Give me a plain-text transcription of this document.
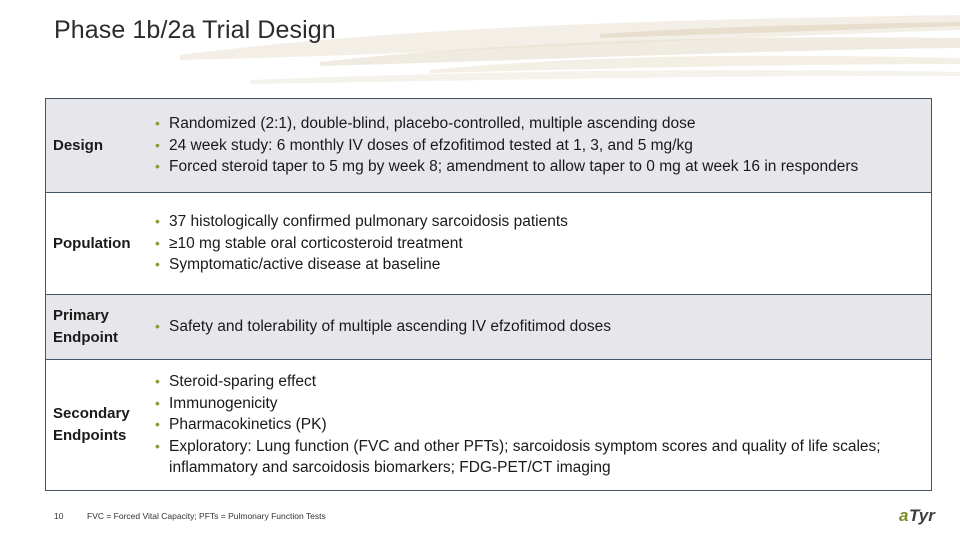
Phase 1b/2a Trial Design
Design
• Randomized (2:1), double-blind, placebo-controlled, multiple ascending dose
• 24 week study: 6 monthly IV doses of efzofitimod tested at 1, 3, and 5 mg/kg
• Forced steroid taper to 5 mg by week 8; amendment to allow taper to 0 mg at week 16 in responders
Population
• 37 histologically confirmed pulmonary sarcoidosis patients
• ≥10 mg stable oral corticosteroid treatment
• Symptomatic/active disease at baseline
Primary Endpoint
• Safety and tolerability of multiple ascending IV efzofitimod doses
Secondary Endpoints
• Steroid-sparing effect
• Immunogenicity
• Pharmacokinetics (PK)
• Exploratory: Lung function (FVC and other PFTs); sarcoidosis symptom scores and quality of life scales; inflammatory and sarcoidosis biomarkers; FDG-PET/CT imaging
10	FVC = Forced Vital Capacity; PFTs = Pulmonary Function Tests	a Tyr
